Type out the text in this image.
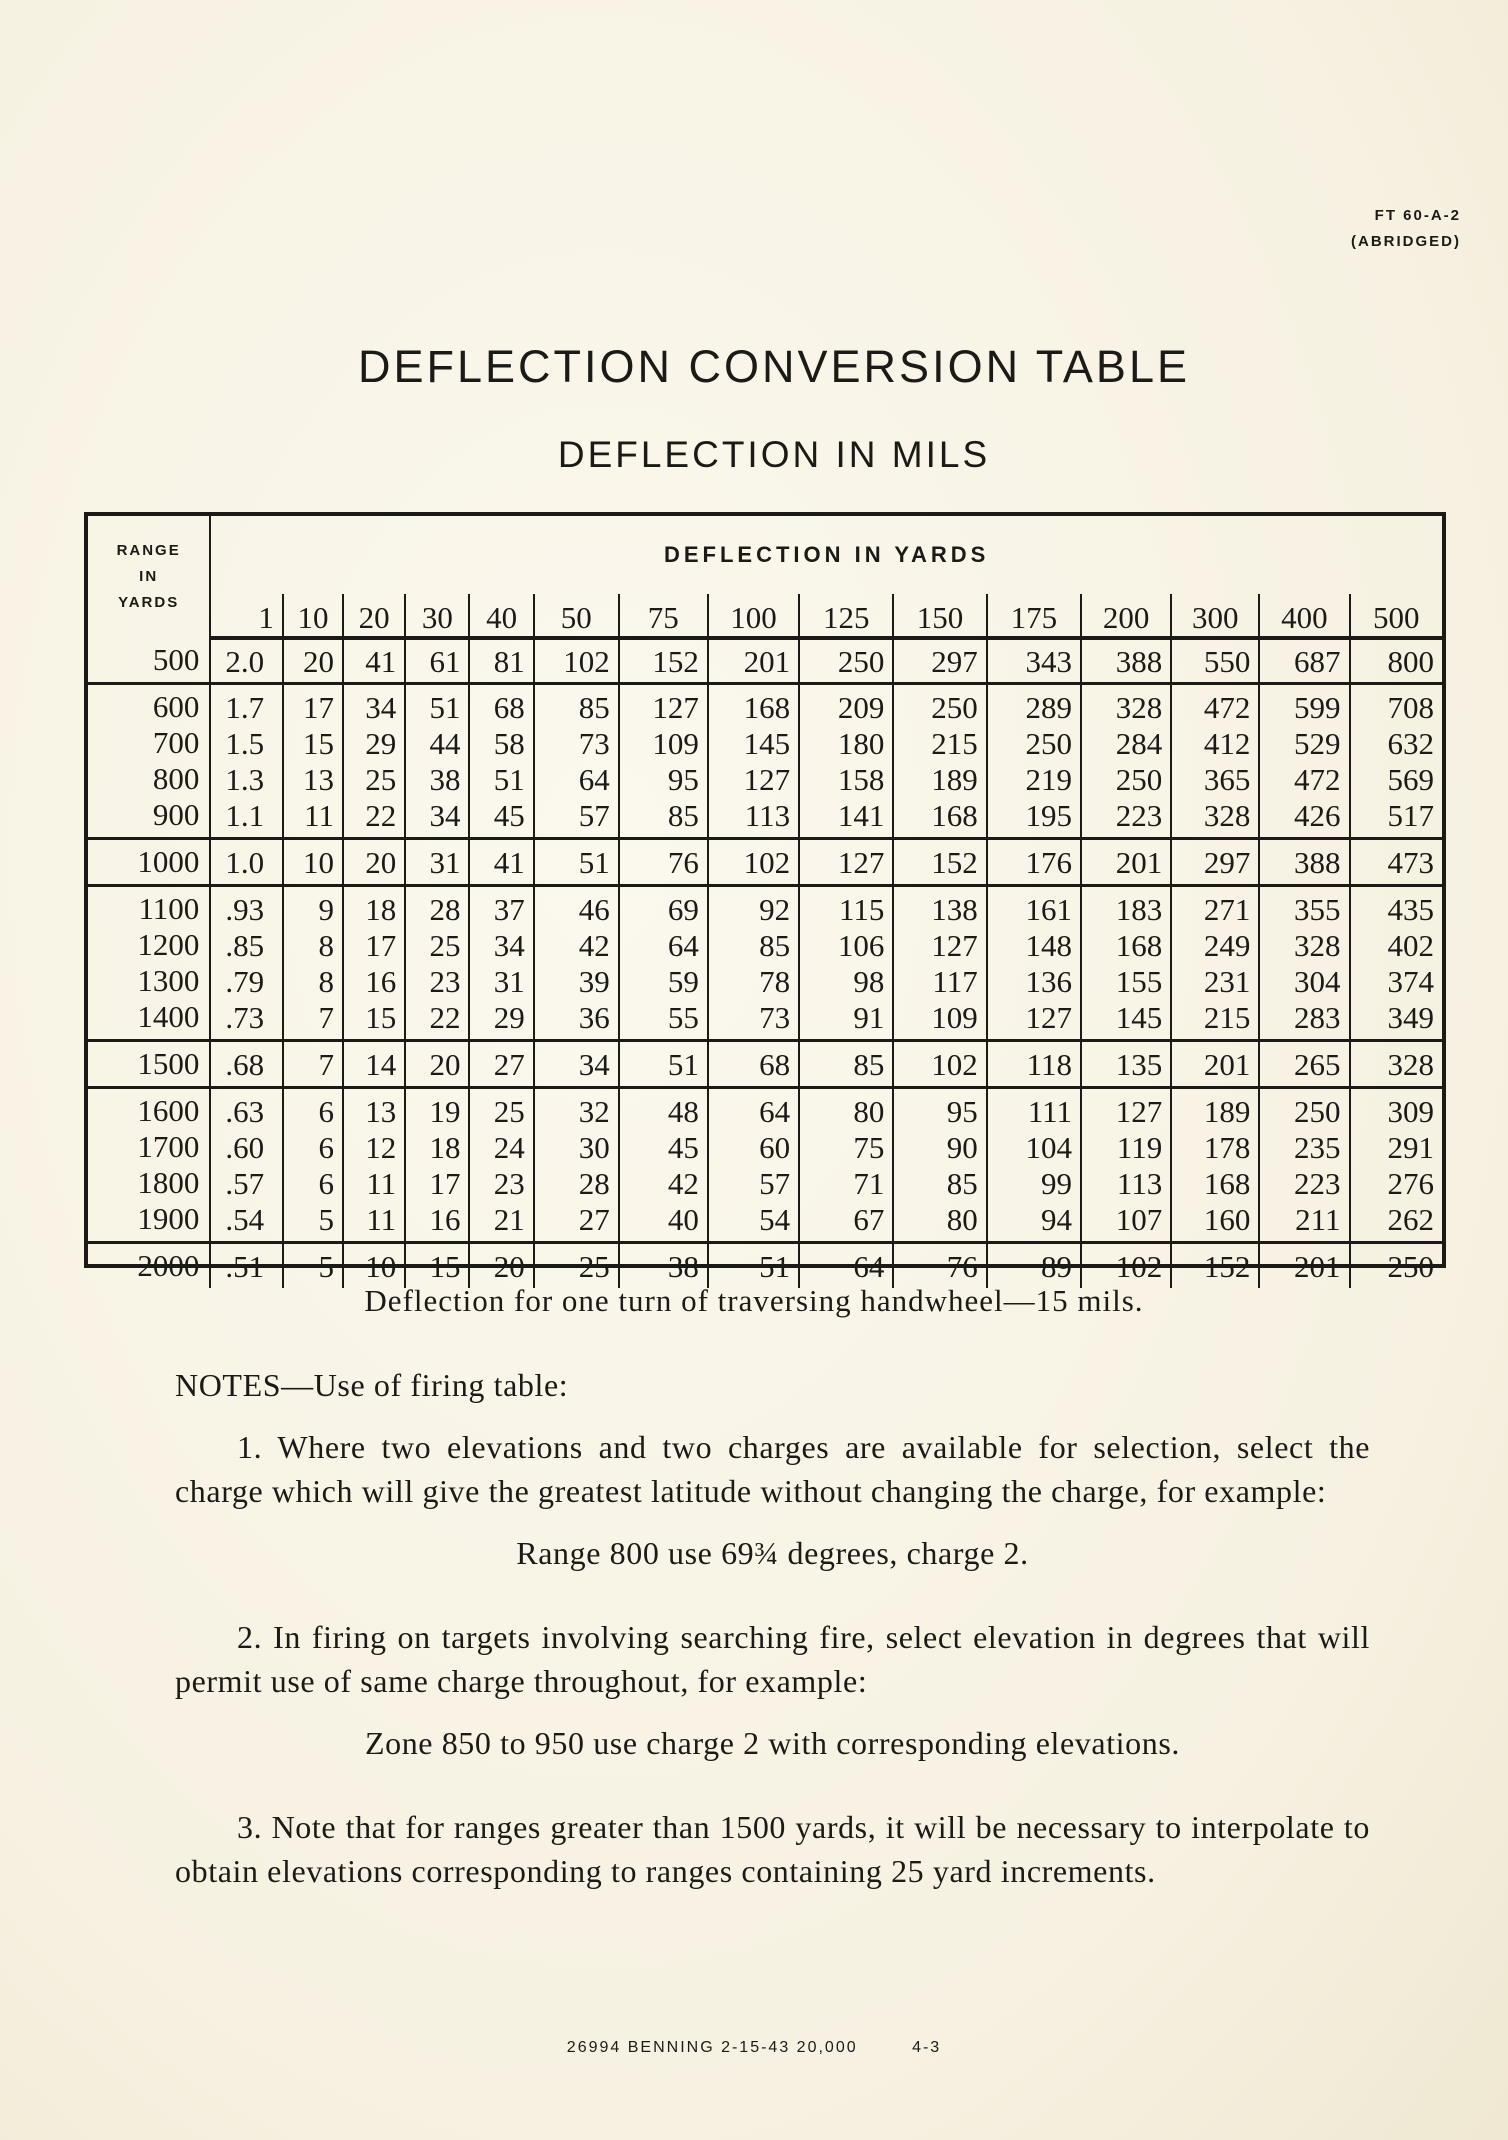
FT 60-A-2
(ABRIDGED)
DEFLECTION CONVERSION TABLE
DEFLECTION IN MILS
RANGE
IN
YARDS	DEFLECTION IN YARDS														
	1	10	20	30	40	50	75	100	125	150	175	200	300	400	500
500	2.0	20	41	61	81	102	152	201	250	297	343	388	550	687	800
600	1.7	17	34	51	68	85	127	168	209	250	289	328	472	599	708
700	1.5	15	29	44	58	73	109	145	180	215	250	284	412	529	632
800	1.3	13	25	38	51	64	95	127	158	189	219	250	365	472	569
900	1.1	11	22	34	45	57	85	113	141	168	195	223	328	426	517
1000	1.0	10	20	31	41	51	76	102	127	152	176	201	297	388	473
1100	.93	9	18	28	37	46	69	92	115	138	161	183	271	355	435
1200	.85	8	17	25	34	42	64	85	106	127	148	168	249	328	402
1300	.79	8	16	23	31	39	59	78	98	117	136	155	231	304	374
1400	.73	7	15	22	29	36	55	73	91	109	127	145	215	283	349
1500	.68	7	14	20	27	34	51	68	85	102	118	135	201	265	328
1600	.63	6	13	19	25	32	48	64	80	95	111	127	189	250	309
1700	.60	6	12	18	24	30	45	60	75	90	104	119	178	235	291
1800	.57	6	11	17	23	28	42	57	71	85	99	113	168	223	276
1900	.54	5	11	16	21	27	40	54	67	80	94	107	160	211	262
2000	.51	5	10	15	20	25	38	51	64	76	89	102	152	201	250
Deflection for one turn of traversing handwheel—15 mils.

NOTES—Use of firing table:

1. Where two elevations and two charges are available for selection, select the charge which will give the greatest latitude without changing the charge, for example:

Range 800 use 69¾ degrees, charge 2.

2. In firing on targets involving searching fire, select elevation in degrees that will permit use of same charge throughout, for example:

Zone 850 to 950 use charge 2 with corresponding elevations.

3. Note that for ranges greater than 1500 yards, it will be necessary to interpolate to obtain elevations corresponding to ranges containing 25 yard increments.

26994 BENNING 2-15-43 20,000	4-3
